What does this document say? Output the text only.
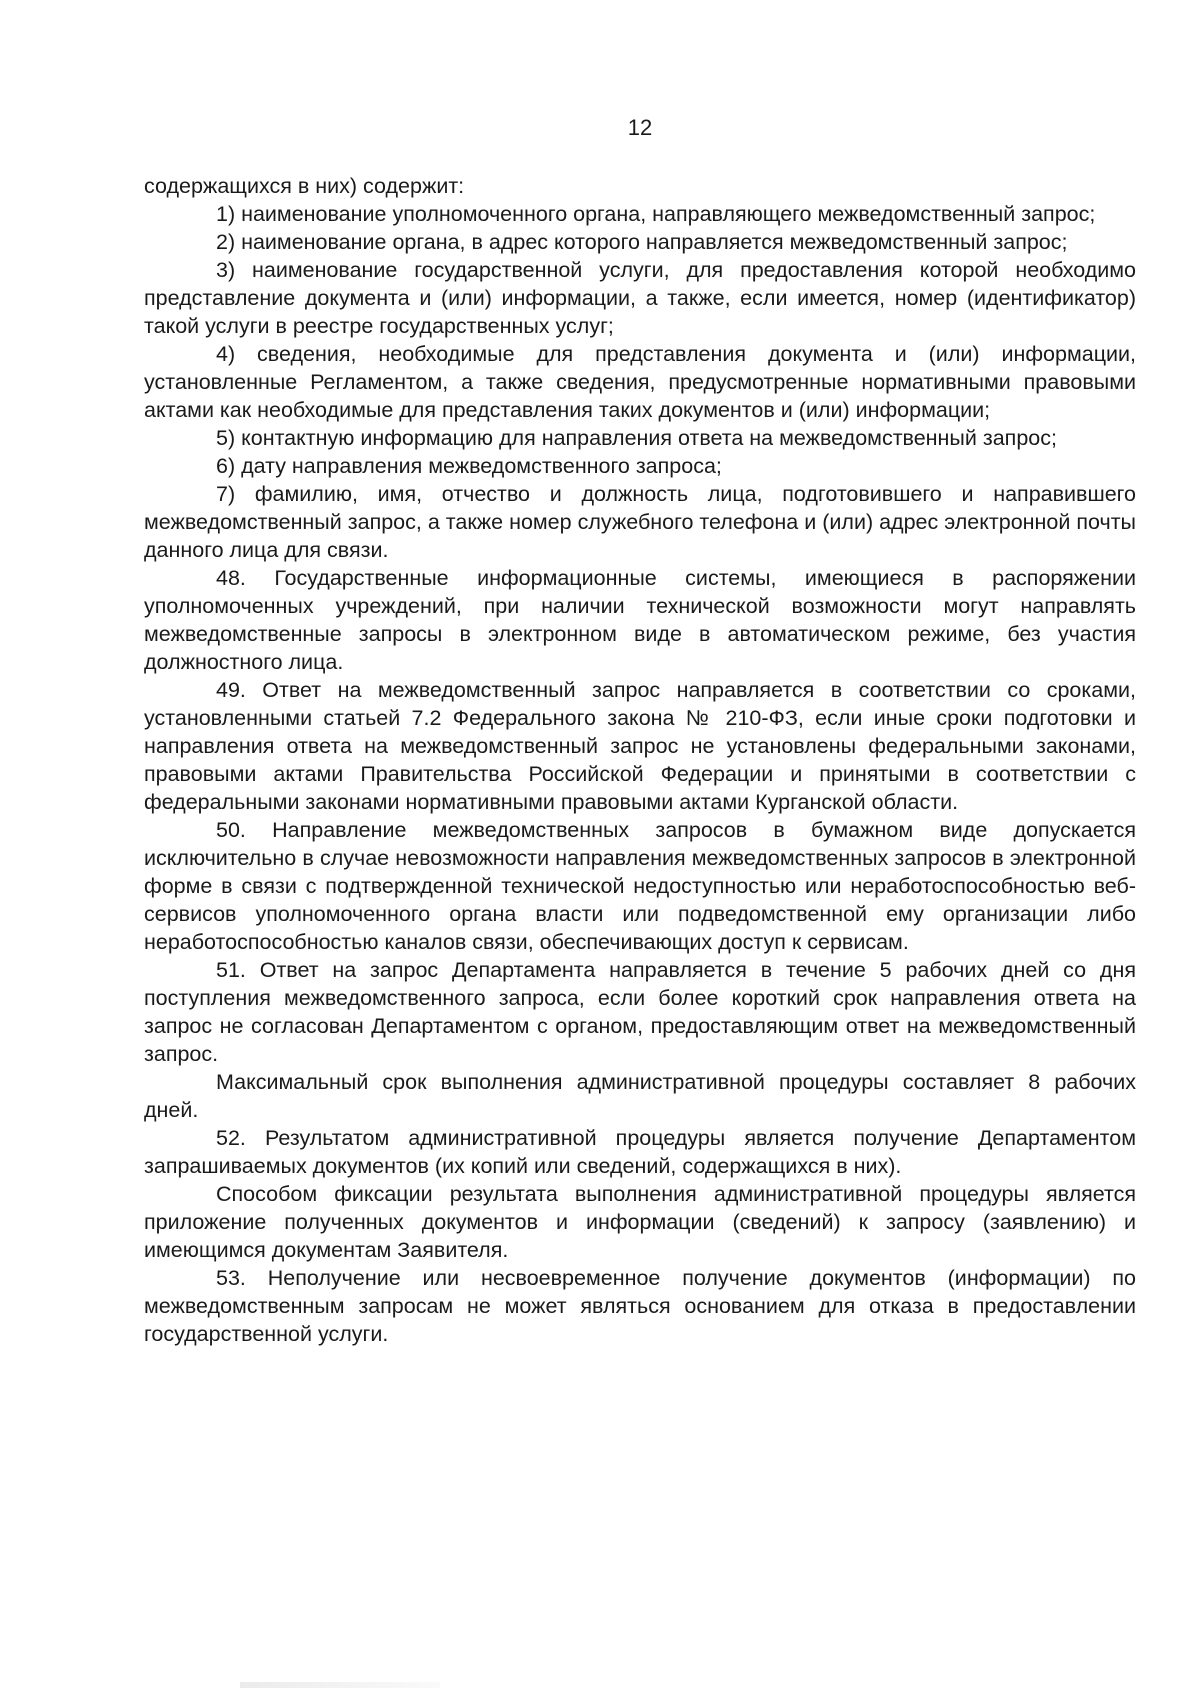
12

содержащихся в них) содержит:

1) наименование уполномоченного органа, направляющего межведомственный запрос;

2) наименование органа, в адрес которого направляется межведомственный запрос;

3) наименование государственной услуги, для предоставления которой необходимо представление документа и (или) информации, а также, если имеется, номер (идентификатор) такой услуги в реестре государственных услуг;

4) сведения, необходимые для представления документа и (или) информации, установленные Регламентом, а также сведения, предусмотренные нормативными правовыми актами как необходимые для представления таких документов и (или) информации;

5) контактную информацию для направления ответа на межведомственный запрос;

6) дату направления межведомственного запроса;

7) фамилию, имя, отчество и должность лица, подготовившего и направившего межведомственный запрос, а также номер служебного телефона и (или) адрес электронной почты данного лица для связи.

48. Государственные информационные системы, имеющиеся в распоряжении уполномоченных учреждений, при наличии технической возможности могут направлять межведомственные запросы в электронном виде в автоматическом режиме, без участия должностного лица.

49. Ответ на межведомственный запрос направляется в соответствии со сроками, установленными статьей 7.2 Федерального закона № 210-ФЗ, если иные сроки подготовки и направления ответа на межведомственный запрос не установлены федеральными законами, правовыми актами Правительства Российской Федерации и принятыми в соответствии с федеральными законами нормативными правовыми актами Курганской области.

50. Направление межведомственных запросов в бумажном виде допускается исключительно в случае невозможности направления межведомственных запросов в электронной форме в связи с подтвержденной технической недоступностью или неработоспособностью веб-сервисов уполномоченного органа власти или подведомственной ему организации либо неработоспособностью каналов связи, обеспечивающих доступ к сервисам.

51. Ответ на запрос Департамента направляется в течение 5 рабочих дней со дня поступления межведомственного запроса, если более короткий срок направления ответа на запрос не согласован Департаментом с органом, предоставляющим ответ на межведомственный запрос.

Максимальный срок выполнения административной процедуры составляет 8 рабочих дней.

52. Результатом административной процедуры является получение Департаментом запрашиваемых документов (их копий или сведений, содержащихся в них).

Способом фиксации результата выполнения административной процедуры является приложение полученных документов и информации (сведений) к запросу (заявлению) и имеющимся документам Заявителя.

53. Неполучение или несвоевременное получение документов (информации) по межведомственным запросам не может являться основанием для отказа в предоставлении государственной услуги.
